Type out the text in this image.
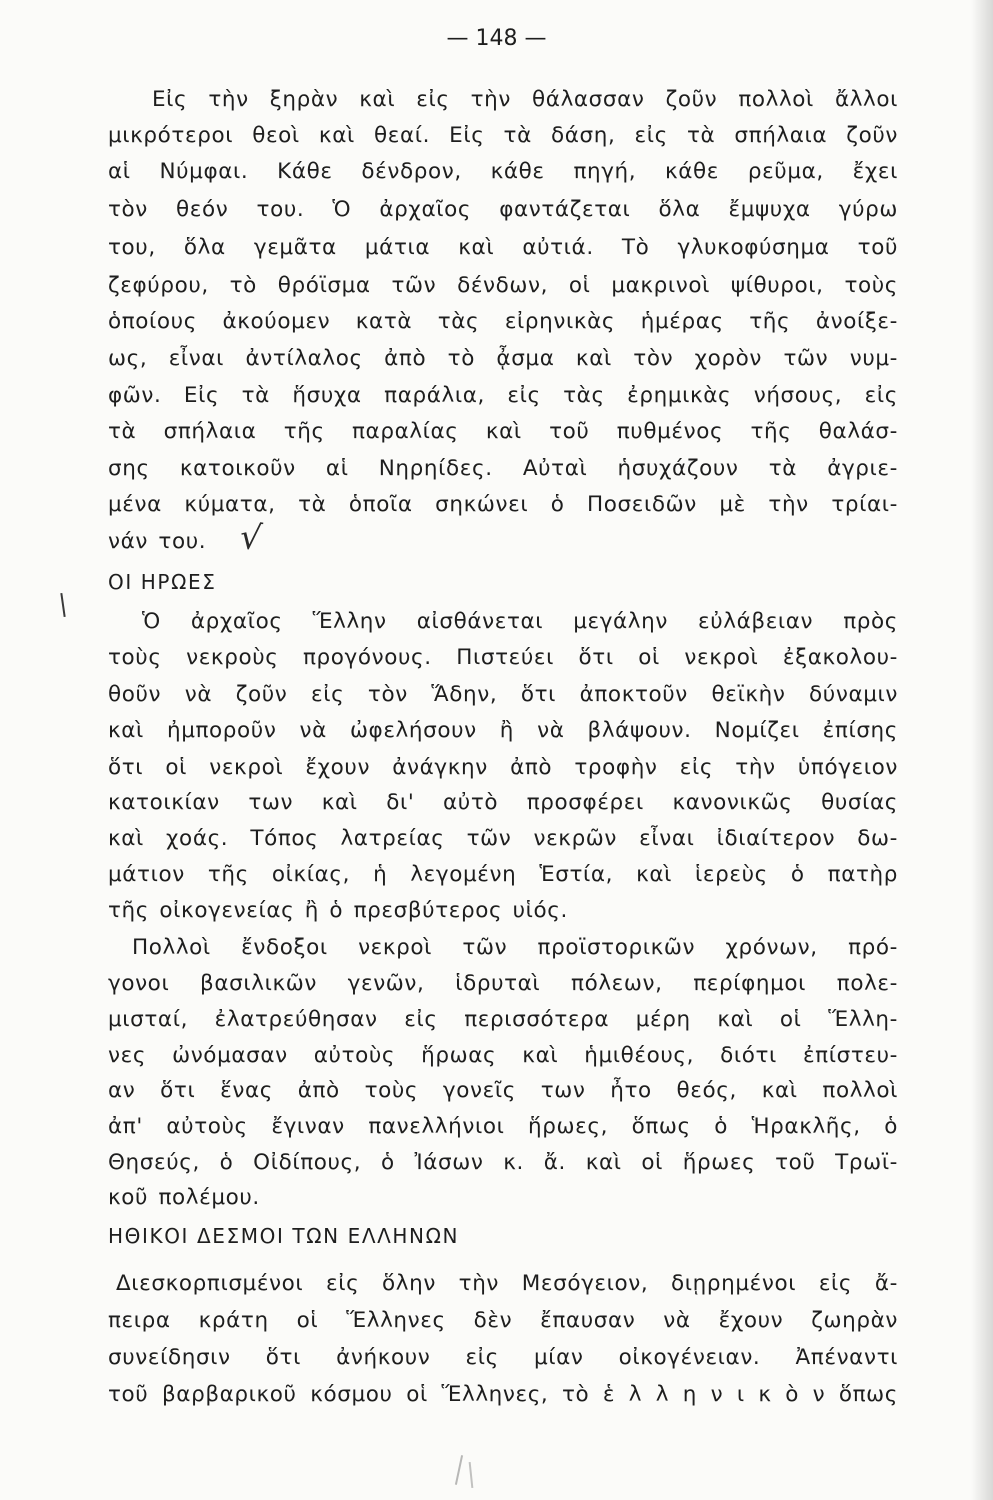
— 148 —
Εἰς τὴν ξηρὰν καὶ εἰς τὴν θάλασσαν ζοῦν πολλοὶ ἄλλοι
μικρότεροι θεοὶ καὶ θεαί. Εἰς τὰ δάση, εἰς τὰ σπήλαια ζοῦν
αἱ Νύμφαι. Κάθε δένδρον, κάθε πηγή, κάθε ρεῦμα, ἔχει
τὸν θεόν του. Ὁ ἀρχαῖος φαντάζεται ὅλα ἔμψυχα γύρω
του, ὅλα γεμᾶτα μάτια καὶ αὐτιά. Τὸ γλυκοφύσημα τοῦ
ζεφύρου, τὸ θρόϊσμα τῶν δένδων, οἱ μακρινοὶ ψίθυροι, τοὺς
ὁποίους ἀκούομεν κατὰ τὰς εἰρηνικὰς ἡμέρας τῆς ἀνοίξε-
ως, εἶναι ἀντίλαλος ἀπὸ τὸ ᾆσμα καὶ τὸν χορὸν τῶν νυμ-
φῶν. Εἰς τὰ ἥσυχα παράλια, εἰς τὰς ἐρημικὰς νήσους, εἰς
τὰ σπήλαια τῆς παραλίας καὶ τοῦ πυθμένος τῆς θαλάσ-
σης κατοικοῦν αἱ Νηρηίδες. Αὐταὶ ἡσυχάζουν τὰ ἀγριε-
μένα κύματα, τὰ ὁποῖα σηκώνει ὁ Ποσειδῶν μὲ τὴν τρίαι-
νάν του. √
ΟΙ ΗΡΩΕΣ
Ὁ ἀρχαῖος Ἕλλην αἰσθάνεται μεγάλην εὐλάβειαν πρὸς
τοὺς νεκροὺς προγόνους. Πιστεύει ὅτι οἱ νεκροὶ ἐξακολου-
θοῦν νὰ ζοῦν εἰς τὸν Ἅδην, ὅτι ἀποκτοῦν θεϊκὴν δύναμιν
καὶ ἠμποροῦν νὰ ὠφελήσουν ἢ νὰ βλάψουν. Νομίζει ἐπίσης
ὅτι οἱ νεκροὶ ἔχουν ἀνάγκην ἀπὸ τροφὴν εἰς τὴν ὑπόγειον
κατοικίαν των καὶ δι' αὐτὸ προσφέρει κανονικῶς θυσίας
καὶ χοάς. Τόπος λατρείας τῶν νεκρῶν εἶναι ἰδιαίτερον δω-
μάτιον τῆς οἰκίας, ἡ λεγομένη Ἑστία, καὶ ἱερεὺς ὁ πατὴρ
τῆς οἰκογενείας ἢ ὁ πρεσβύτερος υἱός.
Πολλοὶ ἔνδοξοι νεκροὶ τῶν προϊστορικῶν χρόνων, πρό-
γονοι βασιλικῶν γενῶν, ἱδρυταὶ πόλεων, περίφημοι πολε-
μισταί, ἐλατρεύθησαν εἰς περισσότερα μέρη καὶ οἱ Ἕλλη-
νες ὠνόμασαν αὐτοὺς ἥρωας καὶ ἡμιθέους, διότι ἐπίστευ-
αν ὅτι ἕνας ἀπὸ τοὺς γονεῖς των ἦτο θεός, καὶ πολλοὶ
ἀπ' αὐτοὺς ἔγιναν πανελλήνιοι ἥρωες, ὅπως ὁ Ἡρακλῆς, ὁ
Θησεύς, ὁ Οἰδίπους, ὁ Ἰάσων κ. ἄ. καὶ οἱ ἥρωες τοῦ Τρωϊ-
κοῦ πολέμου.
ΗΘΙΚΟΙ ΔΕΣΜΟΙ ΤΩΝ ΕΛΛΗΝΩΝ
Διεσκορπισμένοι εἰς ὅλην τὴν Μεσόγειον, διῃρημένοι εἰς ἄ-
πειρα κράτη οἱ Ἕλληνες δὲν ἔπαυσαν νὰ ἔχουν ζωηρὰν
συνείδησιν ὅτι ἀνήκουν εἰς μίαν οἰκογένειαν. Ἀπέναντι
τοῦ βαρβαρικοῦ κόσμου οἱ Ἕλληνες, τὸ ἑ λ λ η ν ι κ ὸ ν ὅπως
